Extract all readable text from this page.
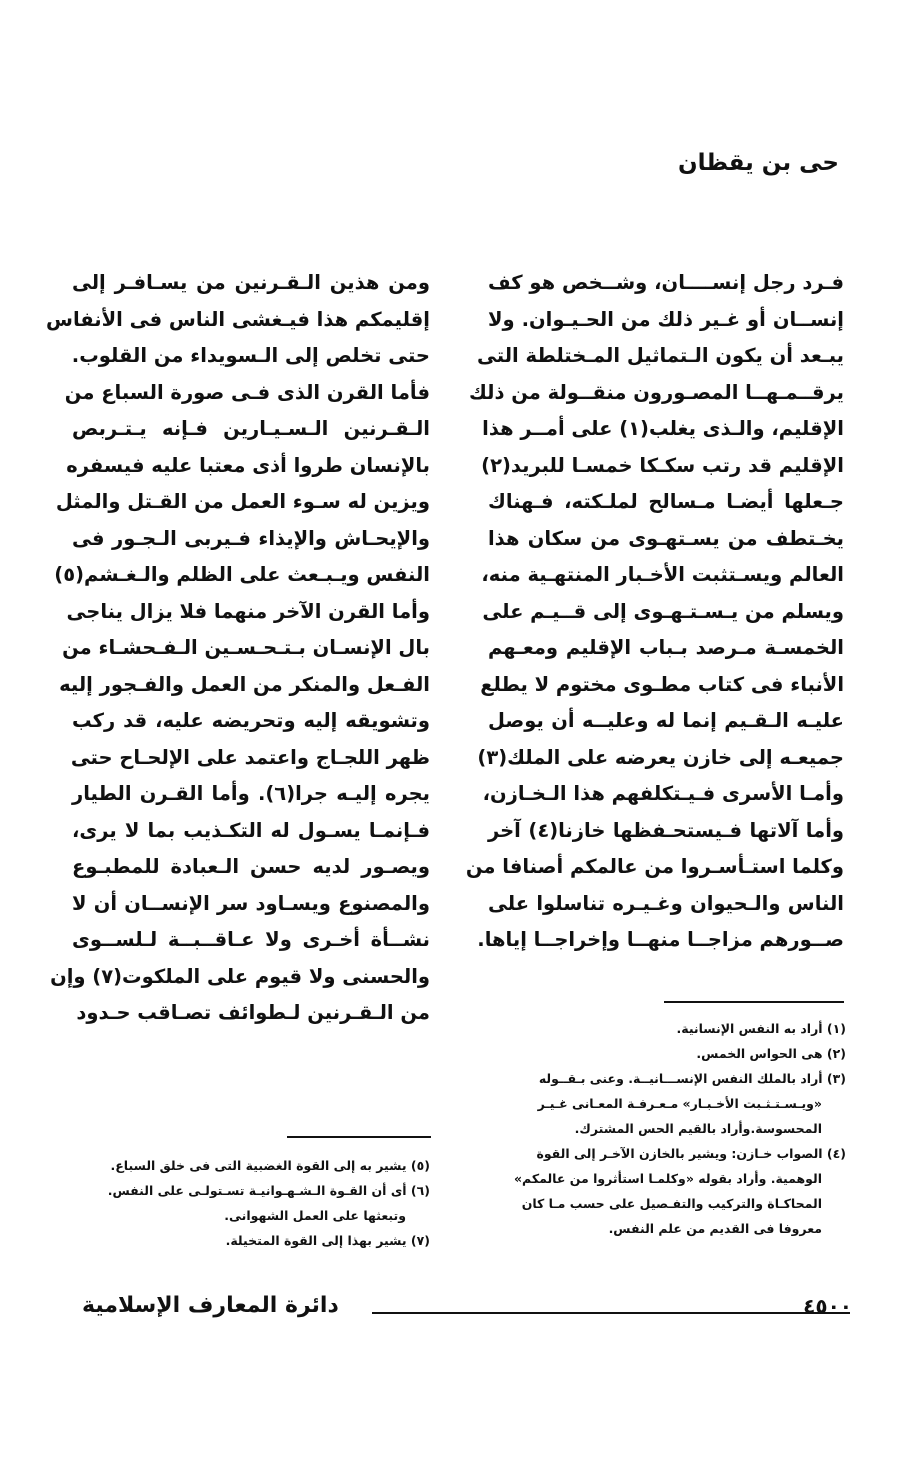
حى بن يقظان
فـرد رجل إنســــان، وشــخص هو كف
إنســان أو غـير ذلك من الحـيـوان. ولا
يبـعد أن يكون الـتماثيل المـختلطة التى
يرقــمـهــا المصـورون منقــولة من ذلك
الإقليم، والـذى يغلب(١) على أمــر هذا
الإقليم قد رتب سكـكا خمسـا للبريد(٢)
جـعلها أيضـا مـسالح لملـكته، فـهناك
يخـتطف من يسـتهـوى من سكان هذا
العالم ويسـتثبت الأخـبار المنتهـية منه،
ويسلم من يـسـتـهـوى إلى قــيـم على
الخمسـة مـرصد بـباب الإقليم ومعـهم
الأنباء فى كتاب مطـوى مختوم لا يطلع
عليـه الـقـيم إنما له وعليــه أن يوصل
جميعـه إلى خازن يعرضه على الملك(٣)
وأمـا الأسرى فـيـتكلفهم هذا الـخـازن،
وأما آلاتها فـيستحـفظها خازنا(٤) آخر
وكلما استـأسـروا من عالمكم أصنافا من
الناس والـحيوان وغـيـره تناسلوا على
صــورهم مزاجــا منهــا وإخراجــا إياها.
ومن هذين الـقـرنين من يسـافـر إلى
إقليمكم هذا فيـغشى الناس فى الأنفاس
حتى تخلص إلى الـسويداء من القلوب.
فأما القرن الذى فـى صورة السباع من
الـقـرنين الـسـيـارين فـإنه يـتـربص
بالإنسان طروا أذى معتبا عليه فيسفره
ويزين له سـوء العمل من القـتل والمثل
والإيحـاش والإيذاء فـيربى الـجـور فى
النفس ويـبـعث على الظلم والـغـشم(٥)
وأما القرن الآخر منهما فلا يزال يناجى
بال الإنسـان بـتـحـسـين الـفـحشـاء من
الفـعل والمنكر من العمل والفـجور إليه
وتشويقه إليه وتحريضه عليه، قد ركب
ظهر اللجـاج واعتمد على الإلحـاح حتى
يجره إليـه جرا(٦). وأما القـرن الطيار
فـإنمـا يسـول له التكـذيب بما لا يرى،
ويصـور لديه حسن الـعبادة للمطبـوع
والمصنوع ويسـاود سر الإنســان أن لا
نشــأة أخـرى ولا عـاقــبــة لـلســوى
والحسنى ولا قيوم على الملكوت(٧) وإن
من الـقـرنين لـطوائف تصـاقب حـدود
(١) أراد به النفس الإنسانية.
(٢) هى الحواس الخمس.
(٣) أراد بالملك النفس الإنســـانيــة. وعنى بـقــوله
«ويـسـتـثـبت الأخـبـار» مـعـرفـة المعـانى غـيـر
المحسوسة.وأراد بالقيم الحس المشترك.
(٤) الصواب خـازن: ويشير بالخازن الآخـر إلى القوة
الوهمية. وأراد بقوله «وكلمـا استأثروا من عالمكم»
المحاكـاة والتركيب والتفـصيل على حسب مـا كان
معروفا فى القديم من علم النفس.
(٥) يشير به إلى القوة الغضبية التى فى خلق السباع.
(٦) أى أن القـوة الـشـهـوانيـة تسـتولـى على النفس.
وتبعثها على العمل الشهوانى.
(٧) يشير بهذا إلى القوة المتخيلة.
دائرة المعارف الإسلامية	٤٥٠٠
